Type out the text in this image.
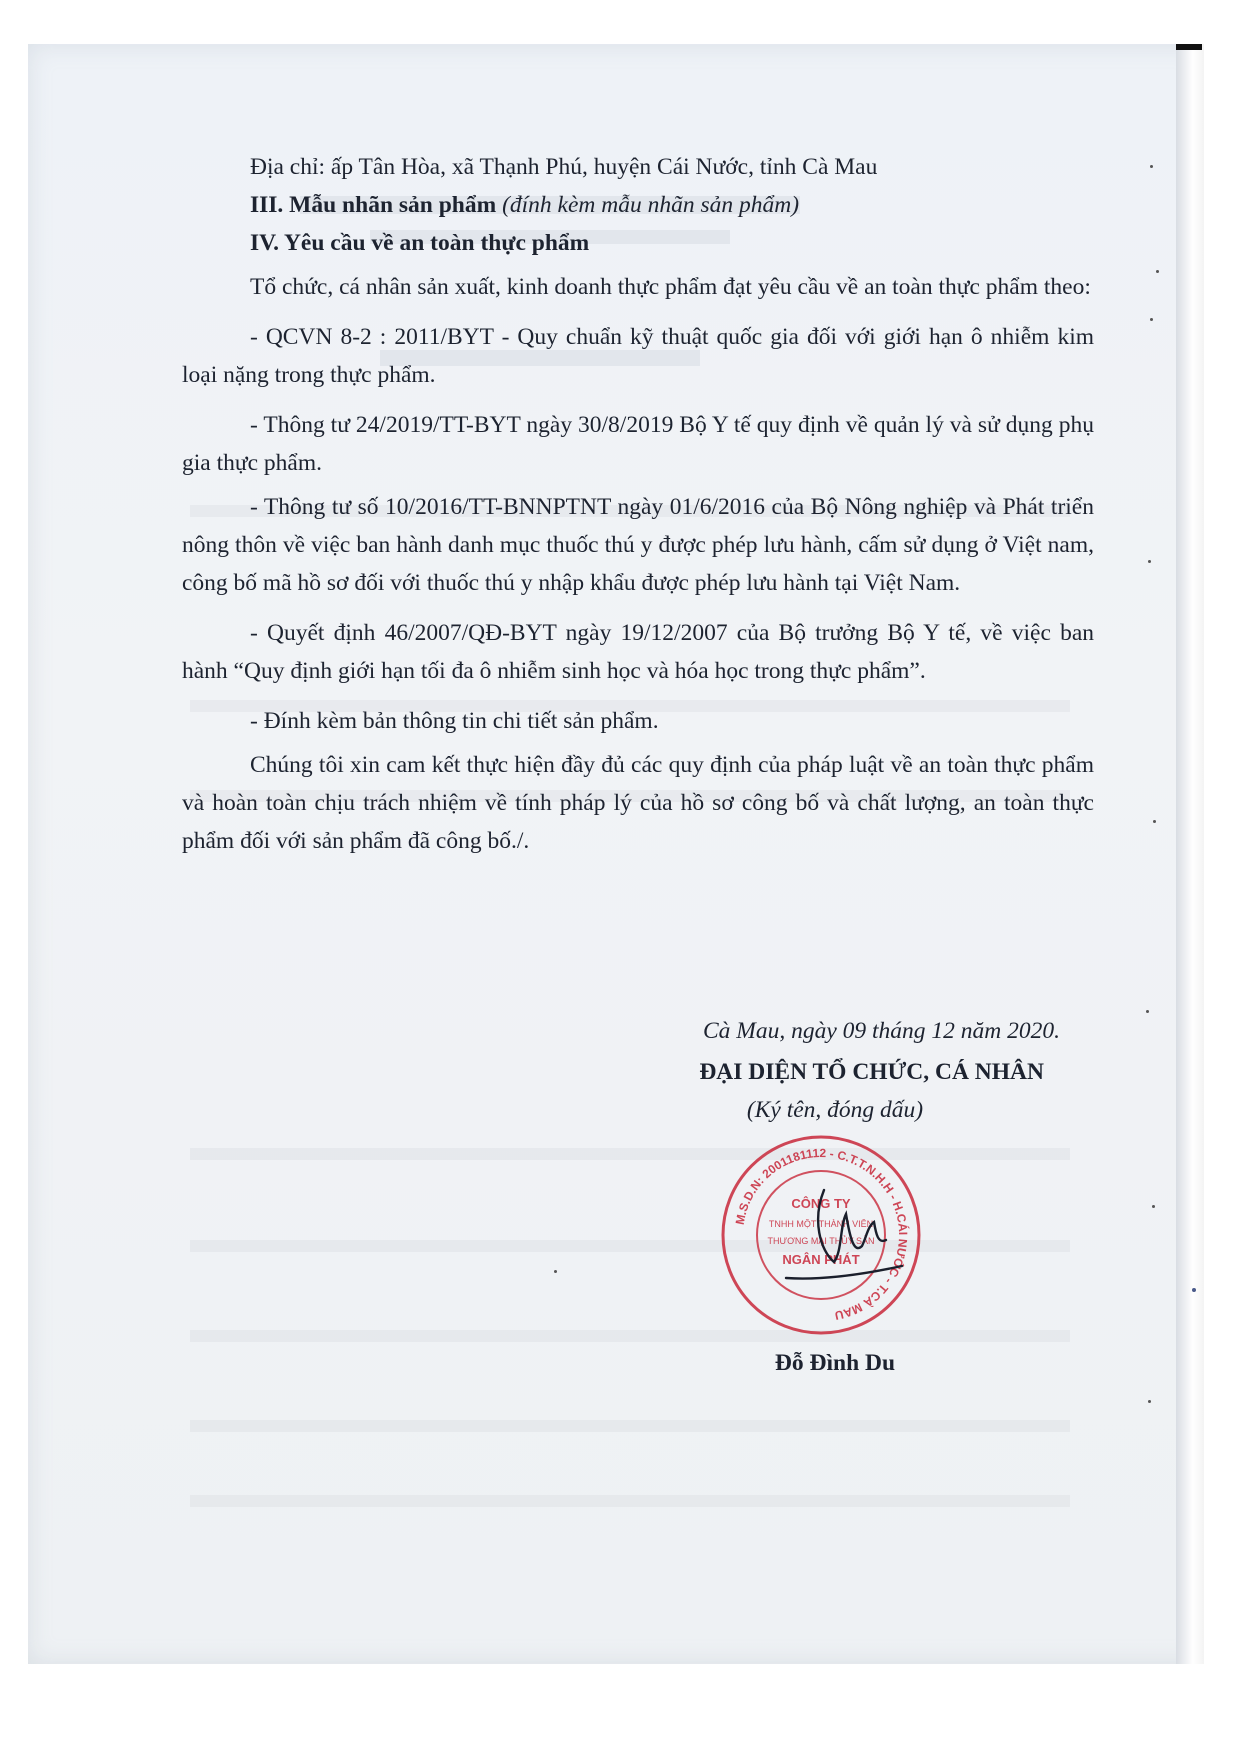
Địa chỉ: ấp Tân Hòa, xã Thạnh Phú, huyện Cái Nước, tỉnh Cà Mau

III. Mẫu nhãn sản phẩm (đính kèm mẫu nhãn sản phẩm)

IV. Yêu cầu về an toàn thực phẩm

Tổ chức, cá nhân sản xuất, kinh doanh thực phẩm đạt yêu cầu về an toàn thực phẩm theo:

- QCVN 8-2 : 2011/BYT - Quy chuẩn kỹ thuật quốc gia đối với giới hạn ô nhiễm kim loại nặng trong thực phẩm.

- Thông tư 24/2019/TT-BYT ngày 30/8/2019 Bộ Y tế quy định về quản lý và sử dụng phụ gia thực phẩm.

- Thông tư số 10/2016/TT-BNNPTNT ngày 01/6/2016 của Bộ Nông nghiệp và Phát triển nông thôn về việc ban hành danh mục thuốc thú y được phép lưu hành, cấm sử dụng ở Việt nam, công bố mã hồ sơ đối với thuốc thú y nhập khẩu được phép lưu hành tại Việt Nam.

- Quyết định 46/2007/QĐ-BYT ngày 19/12/2007 của Bộ trưởng Bộ Y tế, về việc ban hành “Quy định giới hạn tối đa ô nhiễm sinh học và hóa học trong thực phẩm”.

- Đính kèm bản thông tin chi tiết sản phẩm.

Chúng tôi xin cam kết thực hiện đầy đủ các quy định của pháp luật về an toàn thực phẩm và hoàn toàn chịu trách nhiệm về tính pháp lý của hồ sơ công bố và chất lượng, an toàn thực phẩm đối với sản phẩm đã công bố./.

Cà Mau, ngày 09 tháng 12 năm 2020.
ĐẠI DIỆN TỔ CHỨC, CÁ NHÂN
(Ký tên, đóng dấu)
M.S.D.N: 2001181112 - C.T.T.N.H.H - H.CÁI NƯỚC - T.CÀ MAU
CÔNG TY
TNHH MỘT THÀNH VIÊN
THƯƠNG MẠI THỦY SẢN
NGÂN PHÁT
Đỗ Đình Du
